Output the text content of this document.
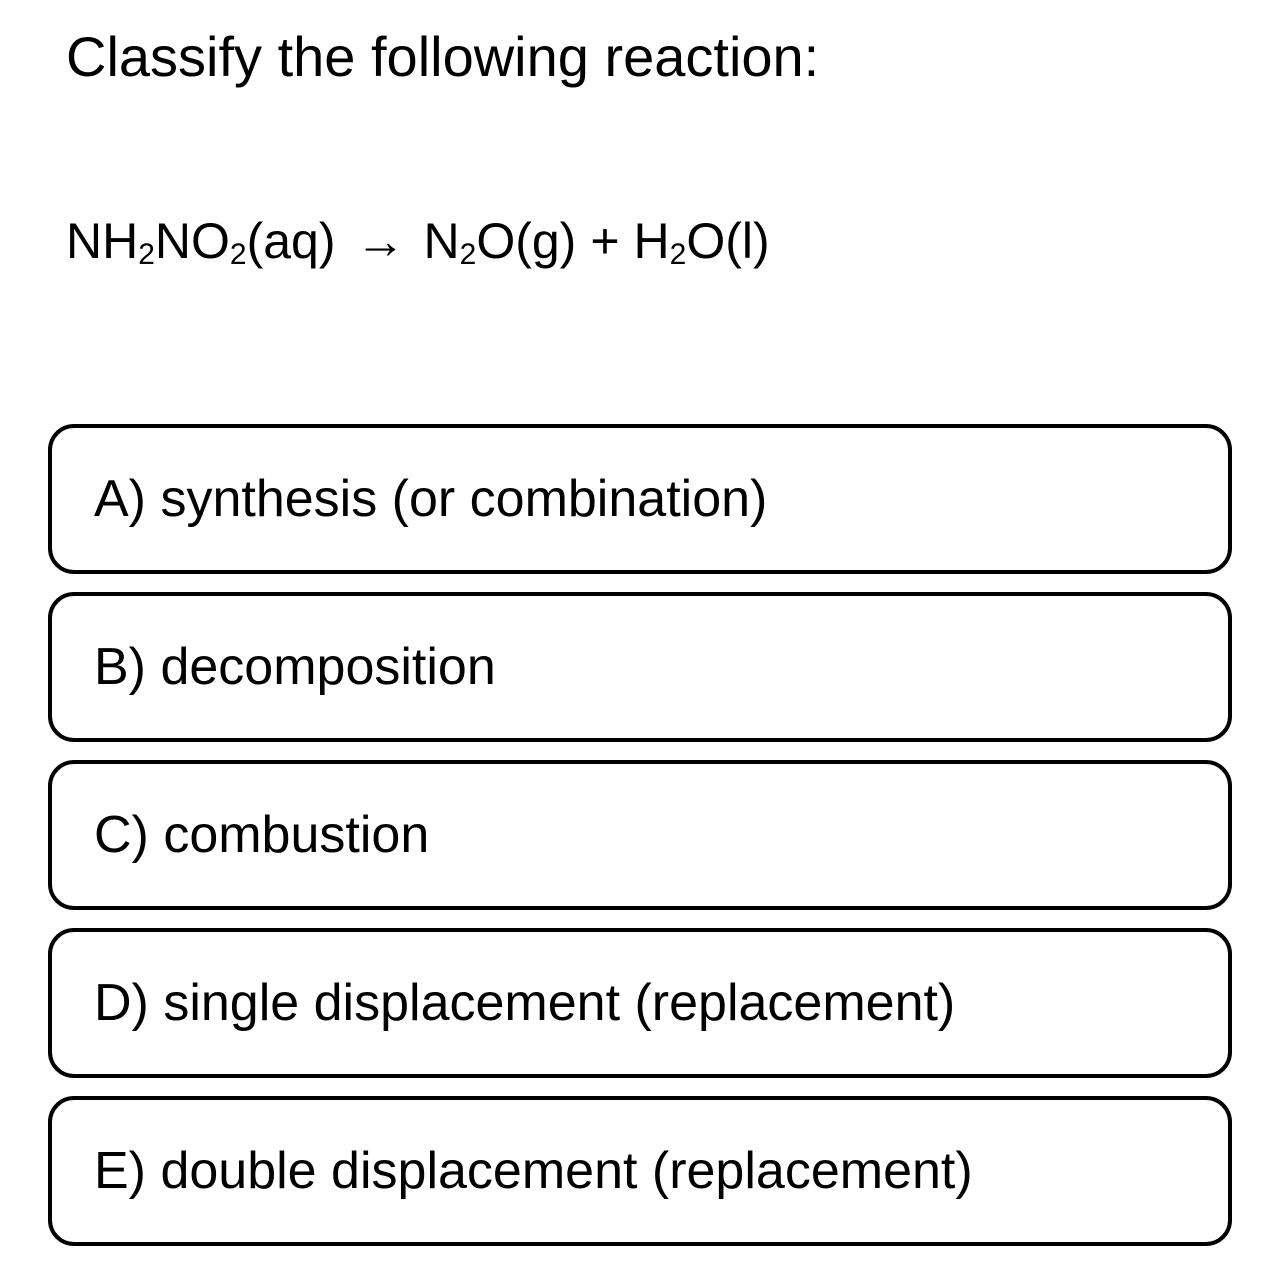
Classify the following reaction:
$NH_2NO_2(aq) \to N_2O(g) + H_2O(l)$
A) synthesis (or combination)
B) decomposition
C) combustion
D) single displacement (replacement)
E) double displacement (replacement)
